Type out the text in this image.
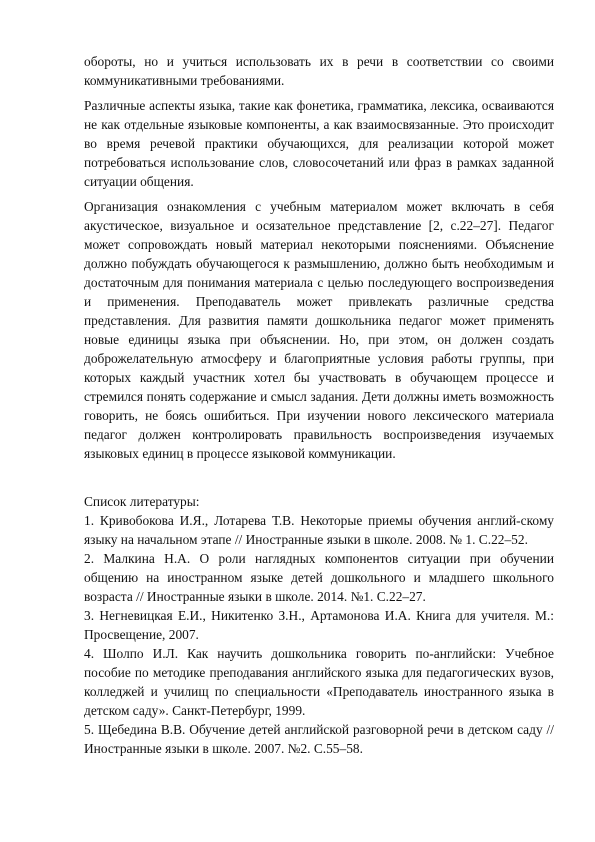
обороты, но и учиться использовать их в речи в соответствии со своими коммуникативными требованиями.

Различные аспекты языка, такие как фонетика, грамматика, лексика, осваиваются не как отдельные языковые компоненты, а как взаимосвязанные. Это происходит во время речевой практики обучающихся, для реализации которой может потребоваться использование слов, словосочетаний или фраз в рамках заданной ситуации общения.

Организация ознакомления с учебным материалом может включать в себя акустическое, визуальное и осязательное представление [2, с.22–27]. Педагог может сопровождать новый материал некоторыми пояснениями. Объяснение должно побуждать обучающегося к размышлению, должно быть необходимым и достаточным для понимания материала с целью последующего воспроизведения и применения. Преподаватель может привлекать различные средства представления. Для развития памяти дошкольника педагог может применять новые единицы языка при объяснении. Но, при этом, он должен создать доброжелательную атмосферу и благоприятные условия работы группы, при которых каждый участник хотел бы участвовать в обучающем процессе и стремился понять содержание и смысл задания. Дети должны иметь возможность говорить, не боясь ошибиться. При изучении нового лексического материала педагог должен контролировать правильность воспроизведения изучаемых языковых единиц в процессе языковой коммуникации.

Список литературы:

1. Кривобокова И.Я., Лотарева Т.В. Некоторые приемы обучения англий-скому языку на начальном этапе // Иностранные языки в школе. 2008. № 1. С.22–52.

2. Малкина Н.А. О роли наглядных компонентов ситуации при обучении общению на иностранном языке детей дошкольного и младшего школьного возраста // Иностранные языки в школе. 2014. №1. С.22–27.

3. Негневицкая Е.И., Никитенко З.Н., Артамонова И.А. Книга для учителя. М.: Просвещение, 2007.

4. Шолпо И.Л. Как научить дошкольника говорить по-английски: Учебное пособие по методике преподавания английского языка для педагогических вузов, колледжей и училищ по специальности «Преподаватель иностранного языка в детском саду». Санкт-Петербург, 1999.

5. Щебедина В.В. Обучение детей английской разговорной речи в детском саду // Иностранные языки в школе. 2007. №2. С.55–58.
